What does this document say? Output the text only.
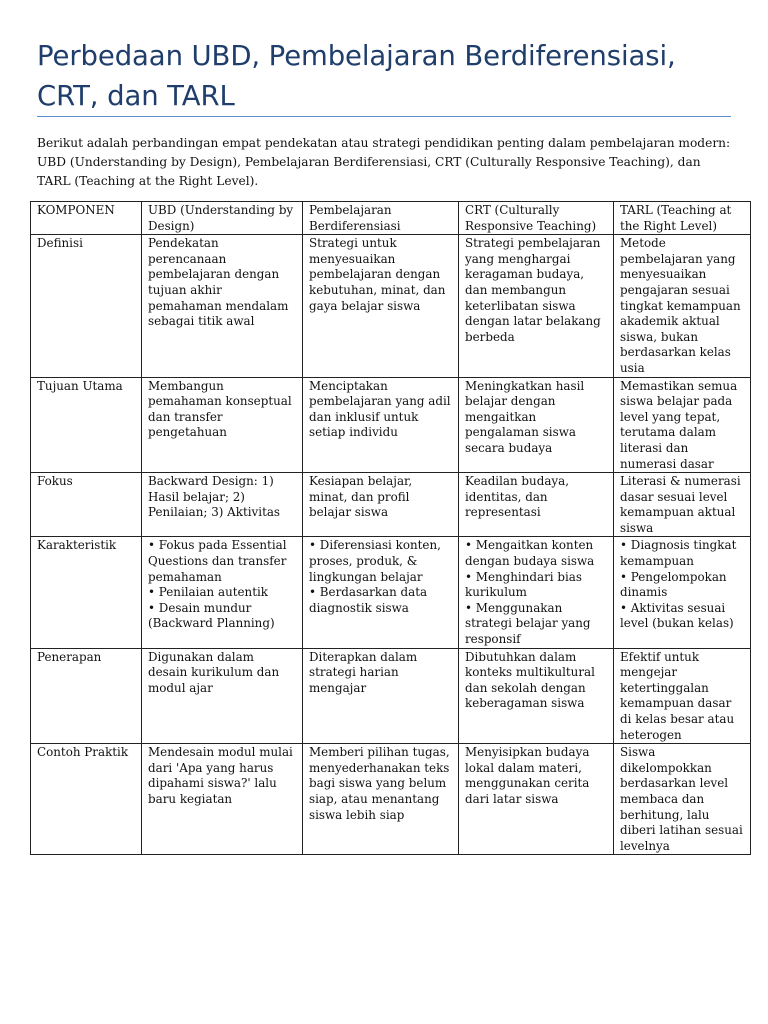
Perbedaan UBD, Pembelajaran Berdiferensiasi, CRT, dan TARL

Berikut adalah perbandingan empat pendekatan atau strategi pendidikan penting dalam pembelajaran modern: UBD (Understanding by Design), Pembelajaran Berdiferensiasi, CRT (Culturally Responsive Teaching), dan TARL (Teaching at the Right Level).

KOMPONEN	UBD (Understanding by Design)	Pembelajaran Berdiferensiasi	CRT (Culturally Responsive Teaching)	TARL (Teaching at the Right Level)
Definisi	Pendekatan perencanaan pembelajaran dengan tujuan akhir pemahaman mendalam sebagai titik awal	Strategi untuk menyesuaikan pembelajaran dengan kebutuhan, minat, dan gaya belajar siswa	Strategi pembelajaran yang menghargai keragaman budaya, dan membangun keterlibatan siswa dengan latar belakang berbeda	Metode pembelajaran yang menyesuaikan pengajaran sesuai tingkat kemampuan akademik aktual siswa, bukan berdasarkan kelas usia

Tujuan Utama	Membangun pemahaman konseptual dan transfer pengetahuan	Menciptakan pembelajaran yang adil dan inklusif untuk setiap individu	Meningkatkan hasil belajar dengan mengaitkan pengalaman siswa secara budaya	Memastikan semua siswa belajar pada level yang tepat, terutama dalam literasi dan numerasi dasar

Fokus	Backward Design: 1) Hasil belajar; 2) Penilaian; 3) Aktivitas	Kesiapan belajar, minat, dan profil belajar siswa	Keadilan budaya, identitas, dan representasi	Literasi & numerasi dasar sesuai level kemampuan aktual siswa

Karakteristik	• Fokus pada Essential Questions dan transfer pemahaman
• Penilaian autentik
• Desain mundur (Backward Planning)	• Diferensiasi konten, proses, produk, & lingkungan belajar
• Berdasarkan data diagnostik siswa	• Mengaitkan konten dengan budaya siswa
• Menghindari bias kurikulum
• Menggunakan strategi belajar yang responsif	• Diagnosis tingkat kemampuan
• Pengelompokan dinamis
• Aktivitas sesuai level (bukan kelas)

Penerapan	Digunakan dalam desain kurikulum dan modul ajar	Diterapkan dalam strategi harian mengajar	Dibutuhkan dalam konteks multikultural dan sekolah dengan keberagaman siswa	Efektif untuk mengejar ketertinggalan kemampuan dasar di kelas besar atau heterogen

Contoh Praktik	Mendesain modul mulai dari 'Apa yang harus dipahami siswa?' lalu baru kegiatan	Memberi pilihan tugas, menyederhanakan teks bagi siswa yang belum siap, atau menantang siswa lebih siap	Menyisipkan budaya lokal dalam materi, menggunakan cerita dari latar siswa	Siswa dikelompokkan berdasarkan level membaca dan berhitung, lalu diberi latihan sesuai levelnya
